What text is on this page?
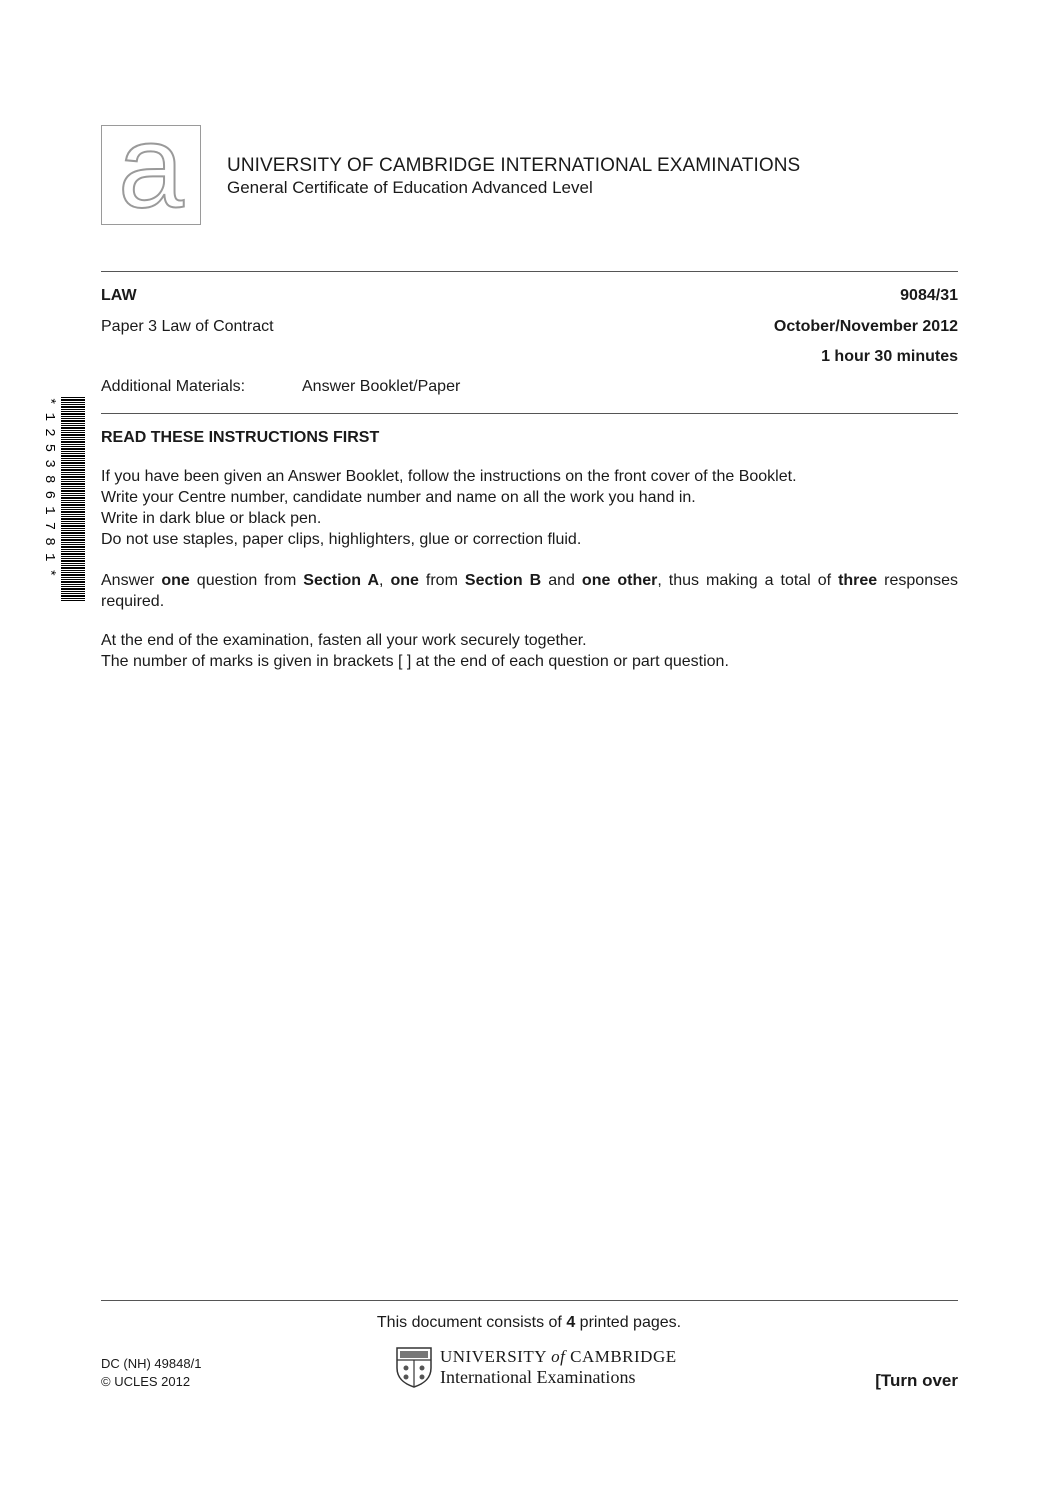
a	UNIVERSITY OF CAMBRIDGE INTERNATIONAL EXAMINATIONS
General Certificate of Education Advanced Level
LAW	9084/31
Paper 3 Law of Contract	October/November 2012
1 hour 30 minutes
Additional Materials:	Answer Booklet/Paper
*1253861781*	READ THESE INSTRUCTIONS FIRST

If you have been given an Answer Booklet, follow the instructions on the front cover of the Booklet.

Write your Centre number, candidate number and name on all the work you hand in.

Write in dark blue or black pen.

Do not use staples, paper clips, highlighters, glue or correction fluid.

Answer one question from Section A, one from Section B and one other, thus making a total of three responses required.

At the end of the examination, fasten all your work securely together.

The number of marks is given in brackets [ ] at the end of each question or part question.

This document consists of 4 printed pages.
DC (NH) 49848/1
© UCLES 2012
UNIVERSITY of CAMBRIDGE
International Examinations	[Turn over
